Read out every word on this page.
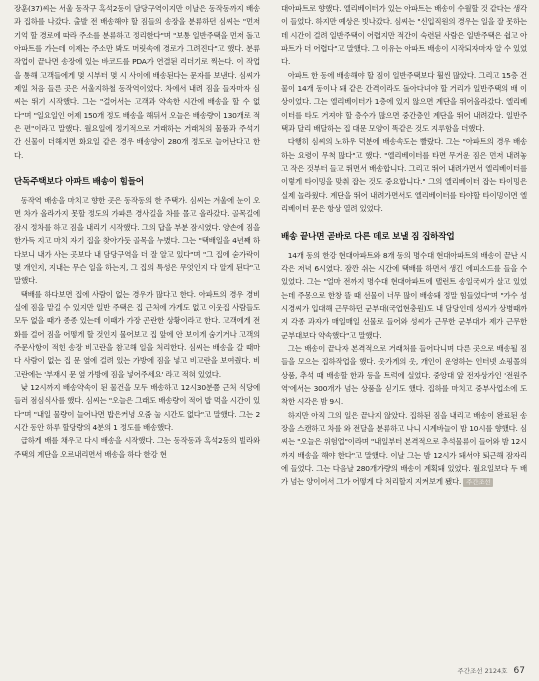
장훈(37)씨는 서울 동작구 흑석2동이 담당구역이지만 이날은 동작동까지 배송과 집하를 나갔다. 출발 전 배송해야 할 짐들의 송장을 분류하던 심씨는 "먼저 기억 할 경로에 따라 주소를 분류하고 정리한다"며 "보통 일반주택을 먼저 돌고 아파트를 가는데 이제는 주소만 봐도 머릿속에 경로가 그려진다"고 했다. 분류작업이 끝나면 송장에 있는 바코드를 PDA가 연결된 리더기로 찍는다. 이 작업을 통해 고객들에게 몇 시부터 몇 시 사이에 배송된다는 문자를 보낸다. 심씨가 제일 처음 들른 곳은 서울지하철 동작역이었다. 차에서 내려 짐을 들자마자 심씨는 뛰기 시작했다. 그는 "걸어서는 고객과 약속한 시간에 배송을 할 수 없다"며 "일요일인 어제 150개 정도 배송을 해뒤서 오늘은 배송량이 130개로 적은 편"이라고 말했다. 월요일에 정기적으로 거래하는 거래처의 물품과 주석기간 신물이 더해지면 화요일 같은 경우 배송양이 280개 정도로 늘어난다고 한다.

단독주택보다 아파트 배송이 힘들어

동작역 배송을 마치고 향한 곳은 동작동의 한 주택가. 심씨는 겨울에 눈이 오면 차가 올라가지 못할 정도의 가파른 경사길을 차를 몰고 올라갔다. 골목길에 잠시 정차를 하고 짐을 내리기 시작했다. 그의 답을 부분 잠시였다. 양손에 짐을 한가득 지고 마치 자기 집을 찾아가듯 골목을 누볐다. 그는 "택배일을 4년째 하다보니 내가 사는 곳보다 내 담당구역을 더 잘 알고 있다"며 "그 집에 숟가락이 몇 개인지, 지내는 무슨 일을 하는지, 그 집의 특성은 무엇인지 다 알게 된다"고 말했다.

택배를 하다보면 집에 사람이 없는 경우가 많다고 한다. 아파트의 경우 경비실에 짐을 맡길 수 있지만 일반 주택은 집 근처에 가게도 없고 이웃집 사람들도 모두 없을 때가 종종 있는데 이때가 가장 곤란한 상황이라고 한다. 고객에게 전화를 걸어 짐을 어떻게 할 것인지 물어보고 집 앞에 안 보이게 숨기거나 고객의 주문사항이 적힌 송장 비고란을 참고해 일을 처리한다. 심씨는 배송을 갈 때마다 사람이 없는 집 문 옆에 걸려 있는 가방에 짐을 넣고 비고란을 보여줬다. 비고란에는 '부재시 문 옆 가방에 짐을 넣어주세요' 라고 적혀 있었다.

낮 12시까지 배송약속이 된 물건을 모두 배송하고 12시30분쯤 근처 식당에 들러 점심식사를 했다. 심씨는 "오늘은 그래도 배송량이 적어 밥 먹을 시간이 있다"며 "내일 물량이 늘어나면 밥은커녕 오줌 눌 시간도 없다"고 말했다. 그는 2시간 동안 하루 할당량의 4분의 1 정도를 배송했다.

급하게 배를 채우고 다시 배송을 시작했다. 그는 동작동과 흑석2동의 빌라와 주택의 계단을 오르내리면서 배송을 하다 한강 현

대아파트로 향했다. 엘리베이터가 있는 아파트는 배송이 수월할 것 같다는 생각이 들었다. 하지만 예상은 빗나갔다. 심씨는 "신입직원의 경우는 일을 잘 못하는 데 시간이 걸려 일반주택이 어렵지만 적간이 숙련된 사람은 일반주택은 쉽고 아파트가 더 어렵다"고 말했다. 그 이유는 아파트 배송이 시작되자마자 알 수 있었다.

아파트 한 동에 배송해야 할 짐이 일반주택보다 훨씬 많았다. 그리고 15층 건물이 14개 동이나 돼 같은 간격이라도 돌아다녀야 할 거리가 일반주택의 배 이상이었다. 그는 엘리베이터가 1층에 있지 않으면 계단을 뛰어올라갔다. 엘리베이터를 타도 거져야 할 층수가 많으면 중간층인 계단을 뛰어 내려갔다. 일반주택과 달리 배달하는 집 대문 모양이 똑같은 것도 지루함을 더했다.

다행히 심씨의 노하우 덕분에 배송속도는 빨랐다. 그는 "아파트의 경우 배송하는 요령이 무척 많다"고 했다. "엘리베이터를 타면 무거운 짐은 먼저 내려놓고 작은 것부터 들고 뛰면서 배송합니다. 그리고 뛰어 내려가면서 엘리베이터를 이렇게 타이밍을 맞춰 잡는 것도 중요합니다." 그의 엘리베이터 잡는 타이밍은 실제 놀라웠다. 계단을 뛰어 내려가면서도 엘리베이터를 타야할 타이밍이면 엘리베이터 문은 항상 열려 있었다.

배송 끝나면 곧바로 다른 데로 보낼 짐 집하작업

14개 동의 한강 현대아파트와 8개 동의 명수대 현대아파트의 배송이 끝난 시각은 저녁 6시였다. 잠깐 쉬는 시간에 택배를 하면서 생긴 에피소드를 들을 수 있었다. 그는 "얼마 전까지 명수대 현대아파트에 탤런트 송일국씨가 살고 있었는데 주몽으로 한창 뜰 때 선물이 너무 많이 배송돼 정말 힘들었다"며 "가수 성시경씨가 입대해 근무하던 군부대(국업현충원)도 내 담당인데 성씨가 상병때까지 각종 과자가 매일매일 선물로 들어와 성씨가 근무한 군부대가 제가 근무한 군부대보다 약속했다"고 말했다.

그는 배송이 끝나자 본격적으로 거래처를 들어다니며 다른 곳으로 배송될 짐들을 모으는 집하작업을 했다. 옷가게의 옷, 개인이 운영하는 인터넷 쇼핑몰의 상품, 추석 때 배송할 한과 등을 트럭에 실었다. 중앙대 앞 전자상가인 '전원주역'에서는 300개가 넘는 상품을 싣기도 했다. 집하를 마치고 중부사업소에 도착한 시각은 밤 9시.

하지만 아직 그의 일은 끝나지 않았다. 집하된 짐을 내리고 배송이 완료된 송장을 스캔하고 차를 와 전달을 분류하고 나니 시계바늘이 밤 10시를 향했다. 심씨는 "오늘은 위험업"이라며 "내일부터 본격적으로 추석물류이 들어와 밤 12시까지 배송을 해야 한다"고 말했다. 이날 그는 밤 12시가 돼서야 퇴근해 잠자리에 들었다. 그는 다음날 280개가량의 배송이 계획돼 있었다. 월요일보다 두 배가 넘는 양이어서 그가 어떻게 다 처리할지 지켜보게 됐다. 주간조선

주간조선 2124호 67
